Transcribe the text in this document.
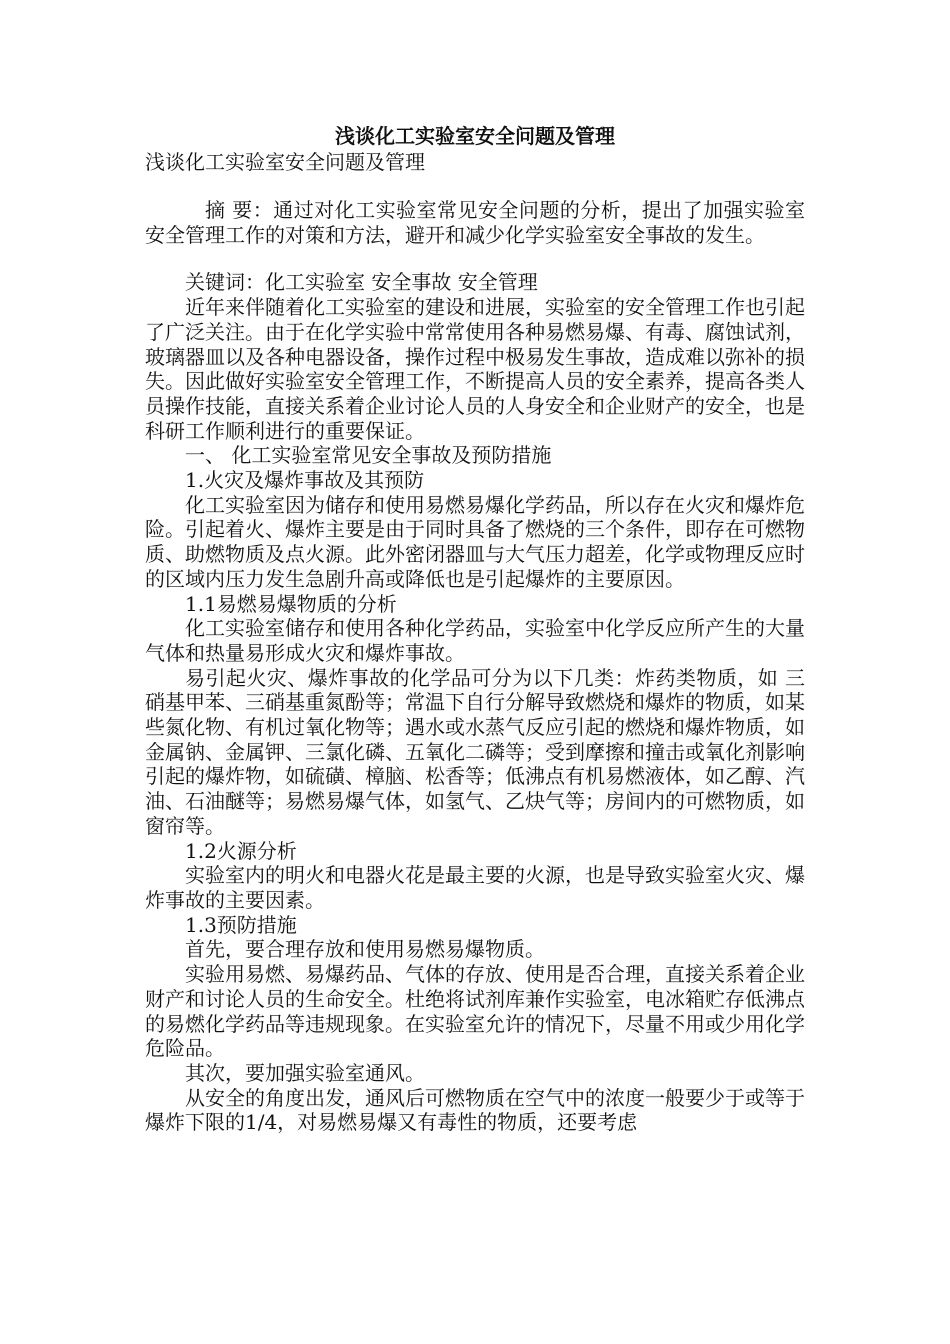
浅谈化工实验室安全问题及管理

浅谈化工实验室安全问题及管理

摘 要：通过对化工实验室常见安全问题的分析，提出了加强实验室安全管理工作的对策和方法，避开和减少化学实验室安全事故的发生。

关键词：化工实验室 安全事故 安全管理

近年来伴随着化工实验室的建设和进展，实验室的安全管理工作也引起了广泛关注。由于在化学实验中常常使用各种易燃易爆、有毒、腐蚀试剂，玻璃器皿以及各种电器设备，操作过程中极易发生事故，造成难以弥补的损失。因此做好实验室安全管理工作，不断提高人员的安全素养，提高各类人员操作技能，直接关系着企业讨论人员的人身安全和企业财产的安全，也是科研工作顺利进行的重要保证。

一、 化工实验室常见安全事故及预防措施

1.火灾及爆炸事故及其预防

化工实验室因为储存和使用易燃易爆化学药品，所以存在火灾和爆炸危险。引起着火、爆炸主要是由于同时具备了燃烧的三个条件，即存在可燃物质、助燃物质及点火源。此外密闭器皿与大气压力超差，化学或物理反应时的区域内压力发生急剧升高或降低也是引起爆炸的主要原因。

1.1易燃易爆物质的分析

化工实验室储存和使用各种化学药品，实验室中化学反应所产生的大量气体和热量易形成火灾和爆炸事故。

易引起火灾、爆炸事故的化学品可分为以下几类：炸药类物质，如 三硝基甲苯、三硝基重氮酚等；常温下自行分解导致燃烧和爆炸的物质，如某些氮化物、有机过氧化物等；遇水或水蒸气反应引起的燃烧和爆炸物质，如金属钠、金属钾、三氯化磷、五氧化二磷等；受到摩擦和撞击或氧化剂影响引起的爆炸物，如硫磺、樟脑、松香等；低沸点有机易燃液体，如乙醇、汽油、石油醚等；易燃易爆气体，如氢气、乙炔气等；房间内的可燃物质，如窗帘等。

1.2火源分析

实验室内的明火和电器火花是最主要的火源，也是导致实验室火灾、爆炸事故的主要因素。

1.3预防措施

首先，要合理存放和使用易燃易爆物质。

实验用易燃、易爆药品、气体的存放、使用是否合理，直接关系着企业财产和讨论人员的生命安全。杜绝将试剂库兼作实验室，电冰箱贮存低沸点的易燃化学药品等违规现象。在实验室允许的情况下，尽量不用或少用化学危险品。

其次，要加强实验室通风。

从安全的角度出发，通风后可燃物质在空气中的浓度一般要少于或等于爆炸下限的1/4，对易燃易爆又有毒性的物质，还要考虑
